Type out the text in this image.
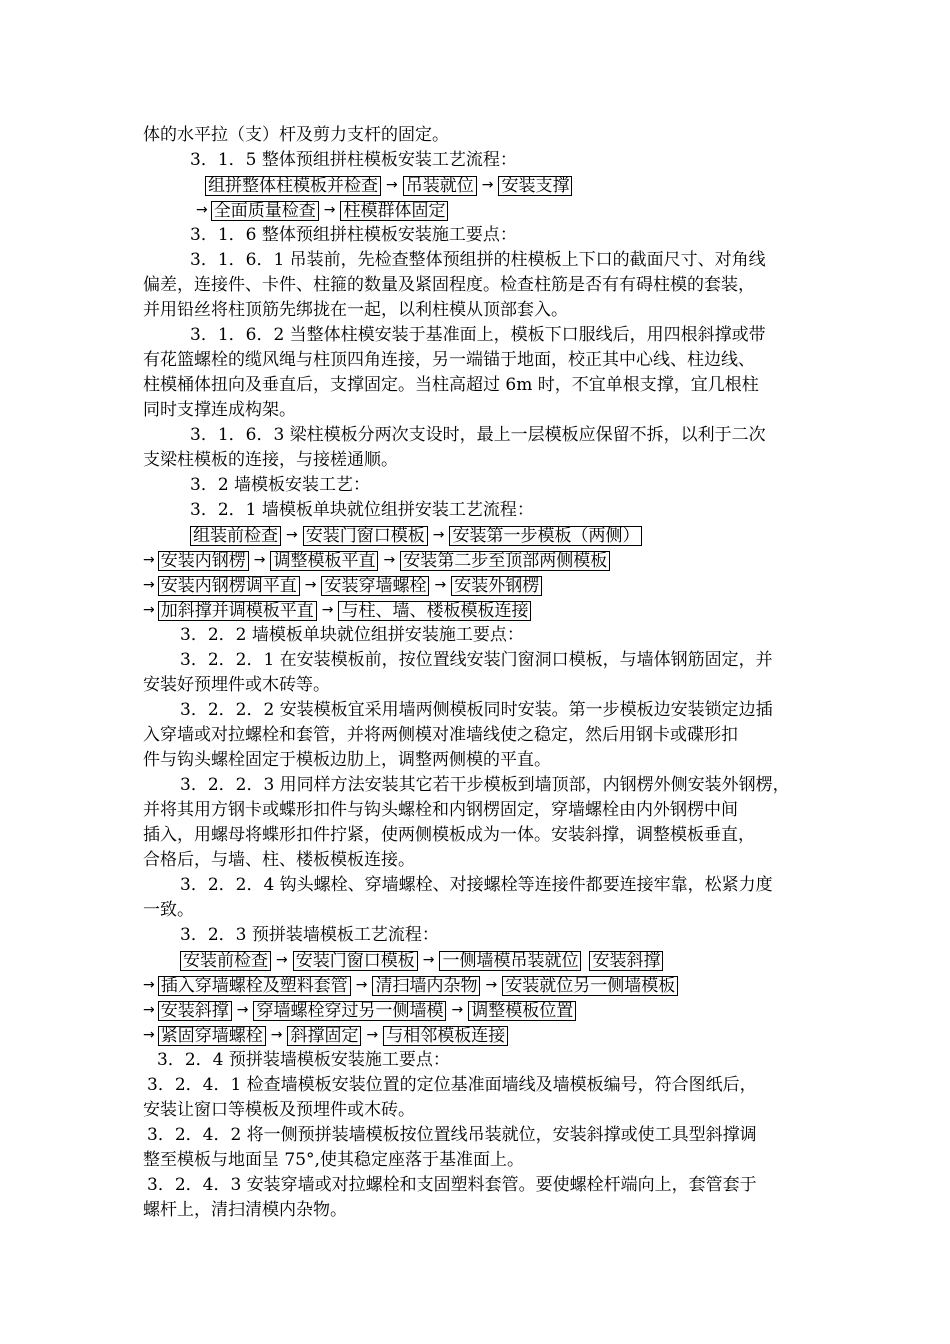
体的水平拉（支）杆及剪力支杆的固定。

3．1．5 整体预组拼柱模板安装工艺流程：

组拼整体柱模板并检查 → 吊装就位 → 安装支撑
→ 全面质量检查 → 柱模群体固定

3．1．6 整体预组拼柱模板安装施工要点：

3．1．6．1 吊装前，先检查整体预组拼的柱模板上下口的截面尺寸、对角线

偏差，连接件、卡件、柱箍的数量及紧固程度。检查柱筋是否有有碍柱模的套装，

并用铅丝将柱顶筋先绑拢在一起，以利柱模从顶部套入。

3．1．6．2 当整体柱模安装于基准面上，模板下口服线后，用四根斜撑或带

有花篮螺栓的缆风绳与柱顶四角连接，另一端锚于地面，校正其中心线、柱边线、

柱模桶体扭向及垂直后，支撑固定。当柱高超过 6m 时，不宜单根支撑，宜几根柱

同时支撑连成构架。

3．1．6．3 梁柱模板分两次支设时，最上一层模板应保留不拆，以利于二次

支梁柱模板的连接，与接槎通顺。

3．2 墙模板安装工艺：

3．2．1 墙模板单块就位组拼安装工艺流程：

组装前检查 → 安装门窗口模板 → 安装第一步模板（两侧）
→ 安装内钢楞 → 调整模板平直 → 安装第二步至顶部两侧模板
→ 安装内钢楞调平直 → 安装穿墙螺栓 → 安装外钢楞
→ 加斜撑并调模板平直 → 与柱、墙、楼板模板连接

3．2．2 墙模板单块就位组拼安装施工要点：

3．2．2．1 在安装模板前，按位置线安装门窗洞口模板，与墙体钢筋固定，并

安装好预埋件或木砖等。

3．2．2．2 安装模板宜采用墙两侧模板同时安装。第一步模板边安装锁定边插

入穿墙或对拉螺栓和套管，并将两侧模对准墙线使之稳定，然后用钢卡或碟形扣

件与钩头螺栓固定于模板边肋上，调整两侧模的平直。

3．2．2．3 用同样方法安装其它若干步模板到墙顶部，内钢楞外侧安装外钢楞，

并将其用方钢卡或蝶形扣件与钩头螺栓和内钢楞固定，穿墙螺栓由内外钢楞中间

插入，用螺母将蝶形扣件拧紧，使两侧模板成为一体。安装斜撑，调整模板垂直，

合格后，与墙、柱、楼板模板连接。

3．2．2．4 钩头螺栓、穿墙螺栓、对接螺栓等连接件都要连接牢靠，松紧力度

一致。

3．2．3 预拼装墙模板工艺流程：

安装前检查 → 安装门窗口模板 → 一侧墙模吊装就位 安装斜撑
→ 插入穿墙螺栓及塑料套管 → 清扫墙内杂物 → 安装就位另一侧墙模板
→ 安装斜撑 → 穿墙螺栓穿过另一侧墙模 → 调整模板位置
→ 紧固穿墙螺栓 → 斜撑固定 → 与相邻模板连接

3．2．4 预拼装墙模板安装施工要点：

3．2．4．1 检查墙模板安装位置的定位基准面墙线及墙模板编号，符合图纸后，

安装让窗口等模板及预埋件或木砖。

3．2．4．2 将一侧预拼装墙模板按位置线吊装就位，安装斜撑或使工具型斜撑调

整至模板与地面呈 75°,使其稳定座落于基准面上。

3．2．4．3 安装穿墙或对拉螺栓和支固塑料套管。要使螺栓杆端向上，套管套于

螺杆上，清扫清模内杂物。
